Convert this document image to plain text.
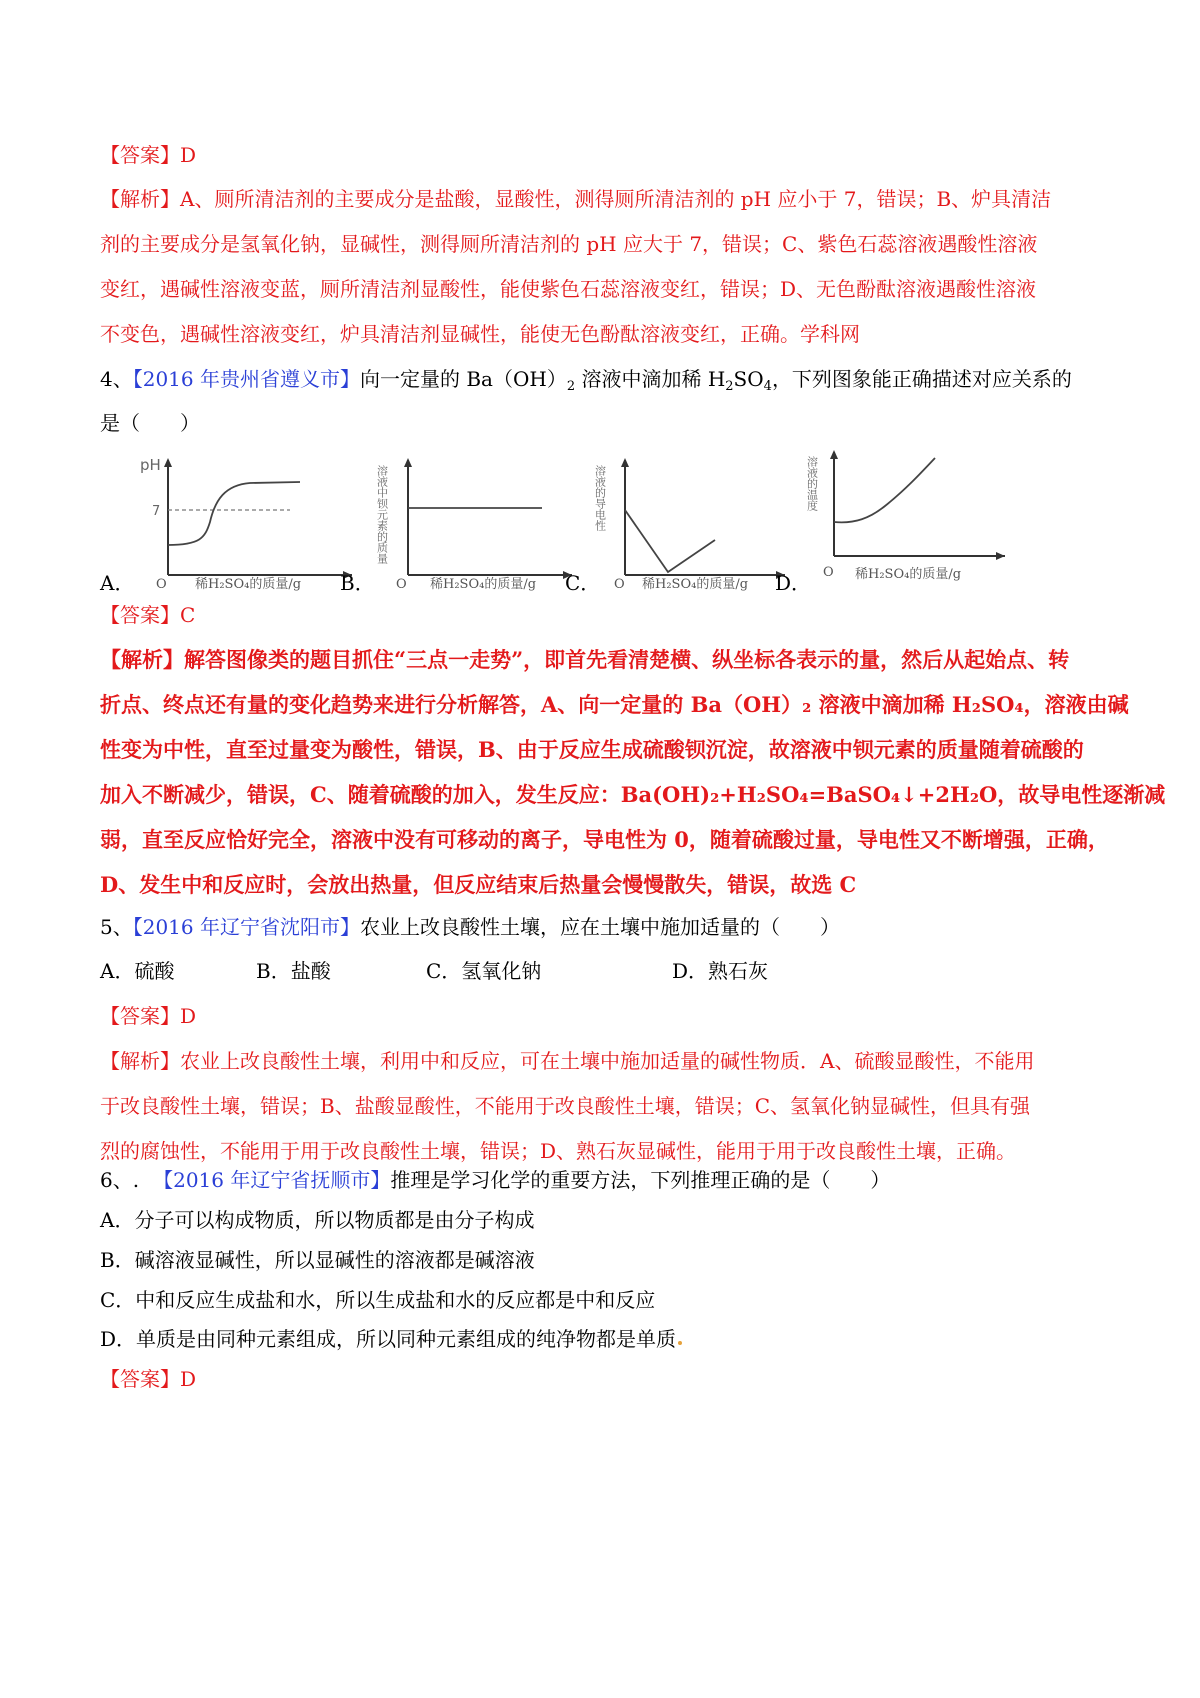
【答案】D
【解析】A、厕所清洁剂的主要成分是盐酸，显酸性，测得厕所清洁剂的 pH 应小于 7，错误；B、炉具清洁
剂的主要成分是氢氧化钠，显碱性，测得厕所清洁剂的 pH 应大于 7，错误；C、紫色石蕊溶液遇酸性溶液
变红，遇碱性溶液变蓝，厕所清洁剂显酸性，能使紫色石蕊溶液变红，错误；D、无色酚酞溶液遇酸性溶液
不变色，遇碱性溶液变红，炉具清洁剂显碱性，能使无色酚酞溶液变红，正确。学科网
4、【2016 年贵州省遵义市】向一定量的 $Ba(OH)_2$ 溶液中滴加稀 $H_2SO_4$，下列图象能正确描述对应关系的
是（　　）
A．
pH
7
O 稀H₂SO₄的质量/g B．
溶液中钡元素的质量
O 稀H₂SO₄的质量/g C．
溶液的导电性
O 稀H₂SO₄的质量/g D．
溶液的温度
O 稀H₂SO₄的质量/g
【答案】C
【解析】解答图像类的题目抓住“三点一走势”，即首先看清楚横、纵坐标各表示的量，然后从起始点、转
折点、终点还有量的变化趋势来进行分析解答，A、向一定量的 Ba（OH）₂ 溶液中滴加稀 H₂SO₄，溶液由碱
性变为中性，直至过量变为酸性，错误，B、由于反应生成硫酸钡沉淀，故溶液中钡元素的质量随着硫酸的
加入不断减少，错误，C、随着硫酸的加入，发生反应：Ba(OH)₂+H₂SO₄=BaSO₄↓+2H₂O，故导电性逐渐减
弱，直至反应恰好完全，溶液中没有可移动的离子，导电性为 0，随着硫酸过量，导电性又不断增强，正确，
D、发生中和反应时，会放出热量，但反应结束后热量会慢慢散失，错误，故选 C
5、【2016 年辽宁省沈阳市】农业上改良酸性土壤，应在土壤中施加适量的（　　）
A．硫酸	B．盐酸	C．氢氧化钠	D．熟石灰
【答案】D
【解析】农业上改良酸性土壤，利用中和反应，可在土壤中施加适量的碱性物质．A、硫酸显酸性，不能用
于改良酸性土壤，错误；B、盐酸显酸性，不能用于改良酸性土壤，错误；C、氢氧化钠显碱性，但具有强
烈的腐蚀性，不能用于用于改良酸性土壤，错误；D、熟石灰显碱性，能用于用于改良酸性土壤，正确。
6、. 【2016 年辽宁省抚顺市】推理是学习化学的重要方法，下列推理正确的是（　　）
A．分子可以构成物质，所以物质都是由分子构成
B．碱溶液显碱性，所以显碱性的溶液都是碱溶液
C．中和反应生成盐和水，所以生成盐和水的反应都是中和反应
D．单质是由同种元素组成，所以同种元素组成的纯净物都是单质
【答案】D
